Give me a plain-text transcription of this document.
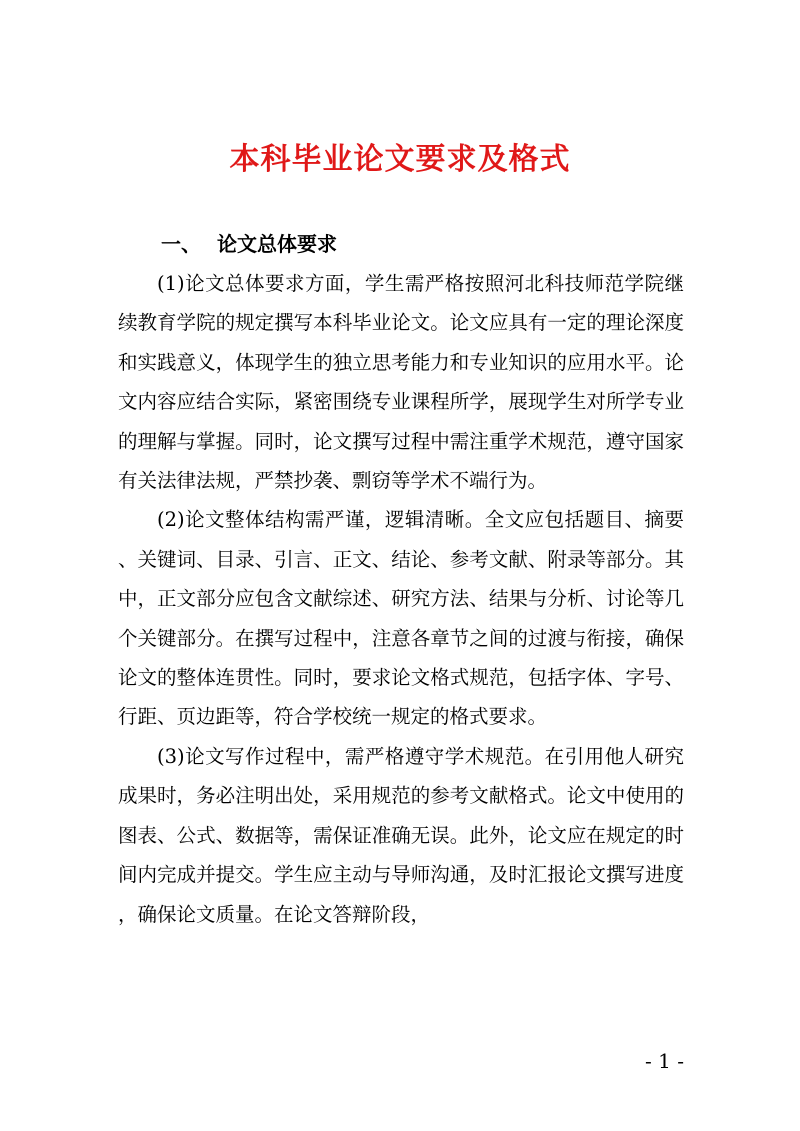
本科毕业论文要求及格式
一、 论文总体要求

(1)论文总体要求方面，学生需严格按照河北科技师范学院继续教育学院的规定撰写本科毕业论文。论文应具有一定的理论深度和实践意义，体现学生的独立思考能力和专业知识的应用水平。论文内容应结合实际，紧密围绕专业课程所学，展现学生对所学专业的理解与掌握。同时，论文撰写过程中需注重学术规范，遵守国家有关法律法规，严禁抄袭、剽窃等学术不端行为。

(2)论文整体结构需严谨，逻辑清晰。全文应包括题目、摘要、关键词、目录、引言、正文、结论、参考文献、附录等部分。其中，正文部分应包含文献综述、研究方法、结果与分析、讨论等几个关键部分。在撰写过程中，注意各章节之间的过渡与衔接，确保论文的整体连贯性。同时，要求论文格式规范，包括字体、字号、行距、页边距等，符合学校统一规定的格式要求。

(3)论文写作过程中，需严格遵守学术规范。在引用他人研究成果时，务必注明出处，采用规范的参考文献格式。论文中使用的图表、公式、数据等，需保证准确无误。此外，论文应在规定的时间内完成并提交。学生应主动与导师沟通，及时汇报论文撰写进度，确保论文质量。在论文答辩阶段，

- 1 -
